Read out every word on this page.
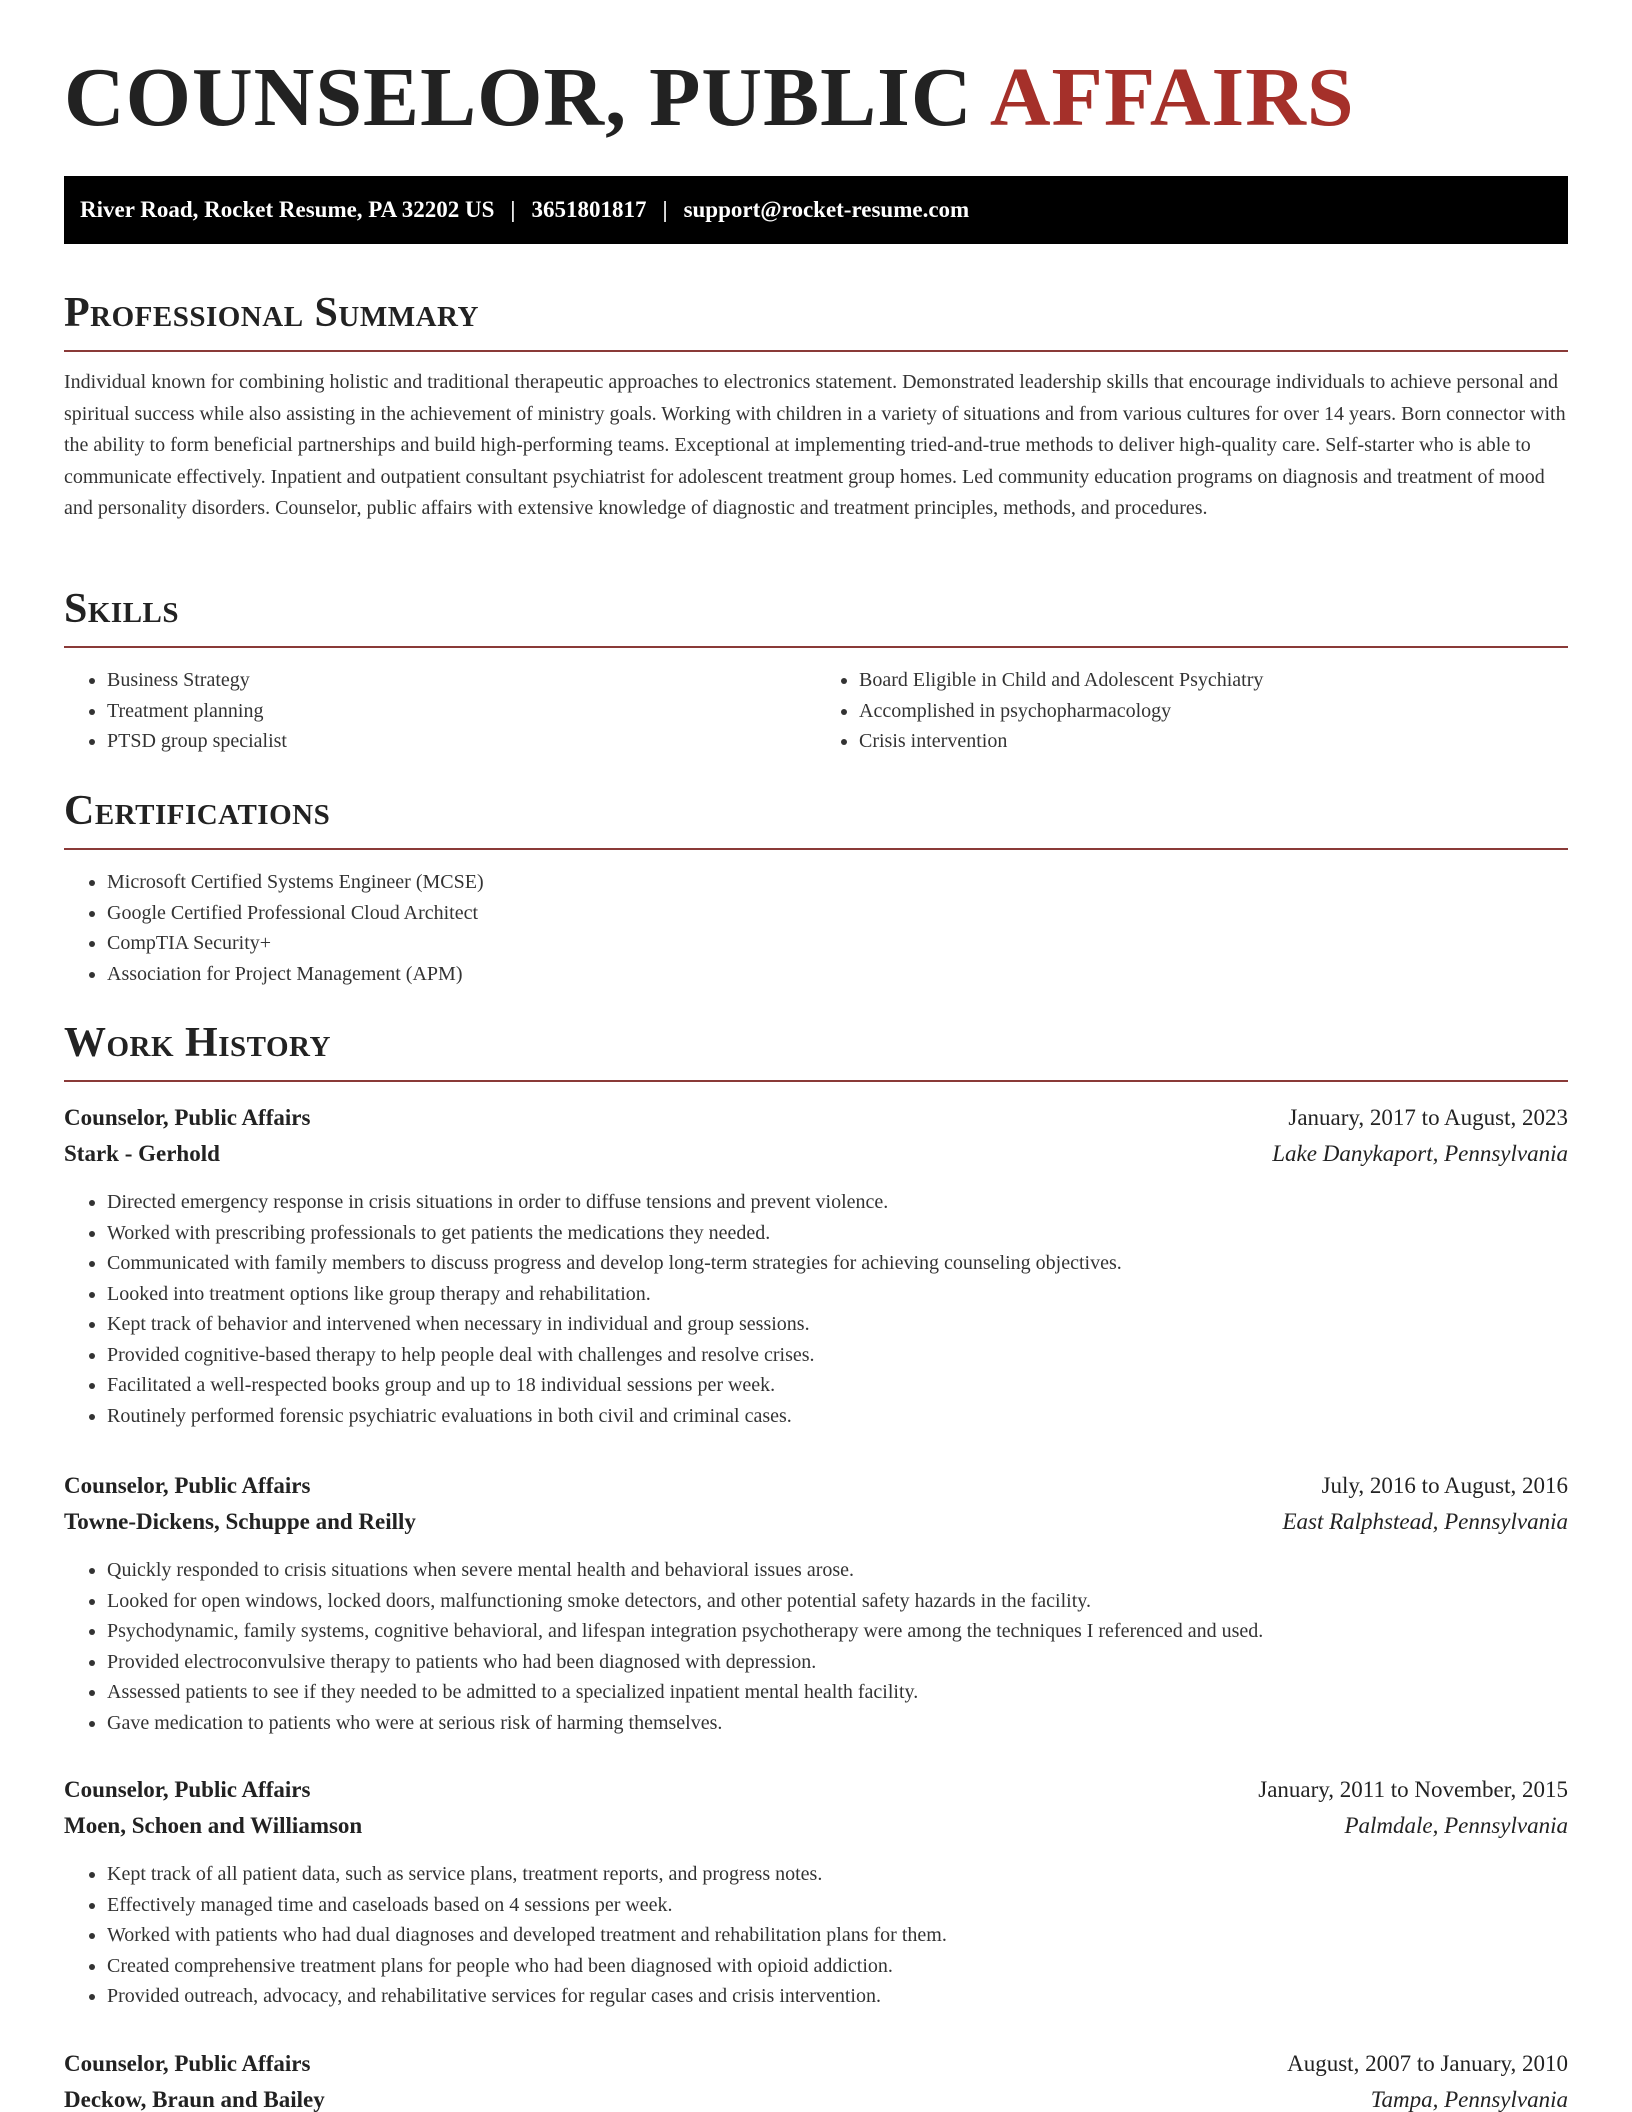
COUNSELOR, PUBLIC AFFAIRS
River Road, Rocket Resume, PA 32202 US | 3651801817 | support@rocket-resume.com
Professional Summary

Individual known for combining holistic and traditional therapeutic approaches to electronics statement. Demonstrated leadership skills that encourage individuals to achieve personal and spiritual success while also assisting in the achievement of ministry goals. Working with children in a variety of situations and from various cultures for over 14 years. Born connector with the ability to form beneficial partnerships and build high-performing teams. Exceptional at implementing tried-and-true methods to deliver high-quality care. Self-starter who is able to communicate effectively. Inpatient and outpatient consultant psychiatrist for adolescent treatment group homes. Led community education programs on diagnosis and treatment of mood and personality disorders. Counselor, public affairs with extensive knowledge of diagnostic and treatment principles, methods, and procedures.

Skills
• Business Strategy
• Treatment planning
• PTSD group specialist
• Board Eligible in Child and Adolescent Psychiatry
• Accomplished in psychopharmacology
• Crisis intervention
Certifications
• Microsoft Certified Systems Engineer (MCSE)
• Google Certified Professional Cloud Architect
• CompTIA Security+
• Association for Project Management (APM)
Work History
Counselor, Public Affairs	January, 2017 to August, 2023
Stark - Gerhold	Lake Danykaport, Pennsylvania
• Directed emergency response in crisis situations in order to diffuse tensions and prevent violence.
• Worked with prescribing professionals to get patients the medications they needed.
• Communicated with family members to discuss progress and develop long-term strategies for achieving counseling objectives.
• Looked into treatment options like group therapy and rehabilitation.
• Kept track of behavior and intervened when necessary in individual and group sessions.
• Provided cognitive-based therapy to help people deal with challenges and resolve crises.
• Facilitated a well-respected books group and up to 18 individual sessions per week.
• Routinely performed forensic psychiatric evaluations in both civil and criminal cases.
Counselor, Public Affairs	July, 2016 to August, 2016
Towne-Dickens, Schuppe and Reilly	East Ralphstead, Pennsylvania
• Quickly responded to crisis situations when severe mental health and behavioral issues arose.
• Looked for open windows, locked doors, malfunctioning smoke detectors, and other potential safety hazards in the facility.
• Psychodynamic, family systems, cognitive behavioral, and lifespan integration psychotherapy were among the techniques I referenced and used.
• Provided electroconvulsive therapy to patients who had been diagnosed with depression.
• Assessed patients to see if they needed to be admitted to a specialized inpatient mental health facility.
• Gave medication to patients who were at serious risk of harming themselves.
Counselor, Public Affairs	January, 2011 to November, 2015
Moen, Schoen and Williamson	Palmdale, Pennsylvania
• Kept track of all patient data, such as service plans, treatment reports, and progress notes.
• Effectively managed time and caseloads based on 4 sessions per week.
• Worked with patients who had dual diagnoses and developed treatment and rehabilitation plans for them.
• Created comprehensive treatment plans for people who had been diagnosed with opioid addiction.
• Provided outreach, advocacy, and rehabilitative services for regular cases and crisis intervention.
Counselor, Public Affairs	August, 2007 to January, 2010
Deckow, Braun and Bailey	Tampa, Pennsylvania
